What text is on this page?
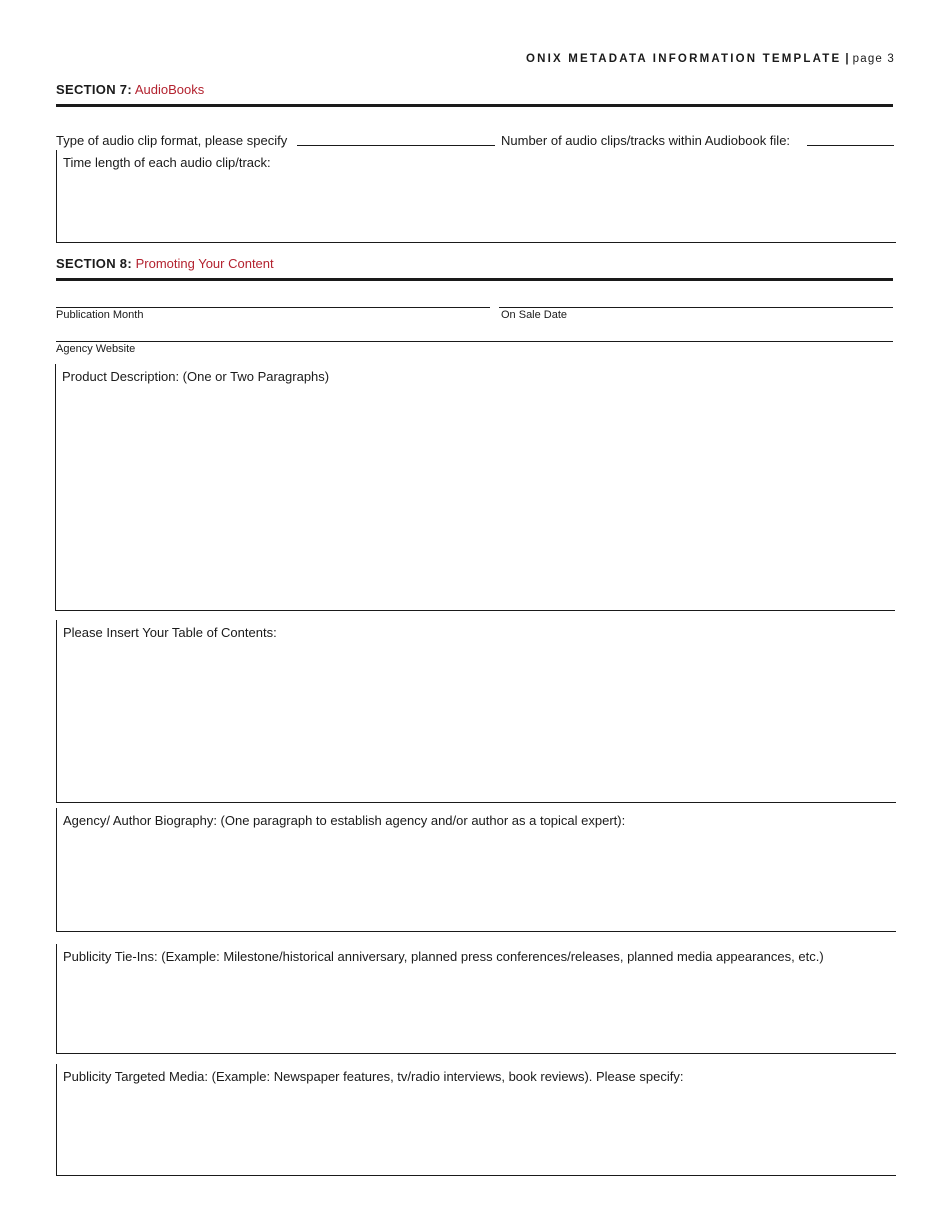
ONIX METADATA INFORMATION TEMPLATE | page 3
SECTION 7: AudioBooks
Type of audio clip format, please specify	Number of audio clips/tracks within Audiobook file:
Time length of each audio clip/track:
SECTION 8: Promoting Your Content
Publication Month	On Sale Date
Agency Website
Product Description: (One or Two Paragraphs)
Please Insert Your Table of Contents:
Agency/ Author Biography: (One paragraph to establish agency and/or author as a topical expert):
Publicity Tie-Ins: (Example: Milestone/historical anniversary, planned press conferences/releases, planned media appearances, etc.)
Publicity Targeted Media: (Example: Newspaper features, tv/radio interviews, book reviews). Please specify:
